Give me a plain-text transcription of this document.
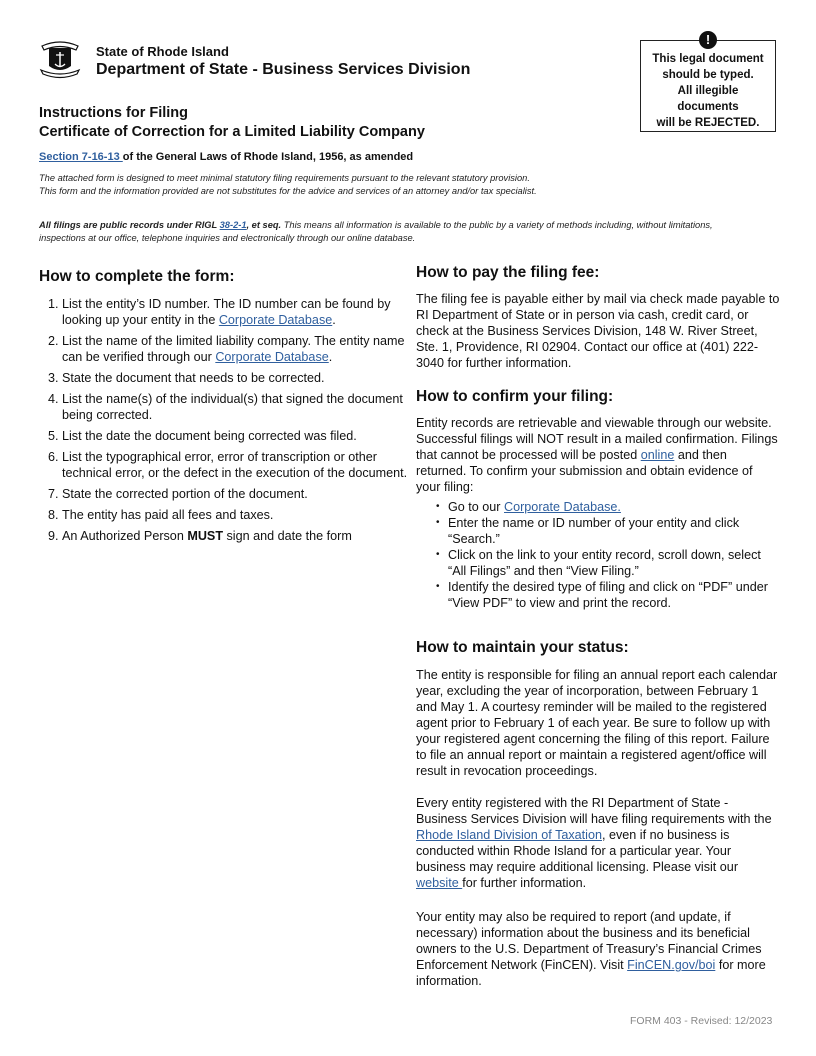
State of Rhode Island
Department of State - Business Services Division
!
This legal document
should be typed.
All illegible
documents
will be REJECTED.
Instructions for Filing
Certificate of Correction for a Limited Liability Company
Section 7-16-13 of the General Laws of Rhode Island, 1956, as amended
The attached form is designed to meet minimal statutory filing requirements pursuant to the relevant statutory provision.
This form and the information provided are not substitutes for the advice and services of an attorney and/or tax specialist.
All filings are public records under RIGL 38-2-1, et seq. This means all information is available to the public by a variety of methods including, without limitations, inspections at our office, telephone inquiries and electronically through our online database.
How to complete the form:
1. List the entity’s ID number. The ID number can be found by looking up your entity in the Corporate Database.
2. List the name of the limited liability company. The entity name can be verified through our Corporate Database.
3. State the document that needs to be corrected.
4. List the name(s) of the individual(s) that signed the document being corrected.
5. List the date the document being corrected was filed.
6. List the typographical error, error of transcription or other technical error, or the defect in the execution of the document.
7. State the corrected portion of the document.
8. The entity has paid all fees and taxes.
9. An Authorized Person MUST sign and date the form
How to pay the filing fee:
The filing fee is payable either by mail via check made payable to RI Department of State or in person via cash, credit card, or check at the Business Services Division, 148 W. River Street, Ste. 1, Providence, RI 02904. Contact our office at (401) 222-3040 for further information.
How to confirm your filing:
Entity records are retrievable and viewable through our website. Successful filings will NOT result in a mailed confirmation. Filings that cannot be processed will be posted online and then returned. To confirm your submission and obtain evidence of your filing:
• Go to our Corporate Database.
• Enter the name or ID number of your entity and click “Search.”
• Click on the link to your entity record, scroll down, select “All Filings” and then “View Filing.”
• Identify the desired type of filing and click on “PDF” under “View PDF” to view and print the record.
How to maintain your status:
The entity is responsible for filing an annual report each calendar year, excluding the year of incorporation, between February 1 and May 1. A courtesy reminder will be mailed to the registered agent prior to February 1 of each year. Be sure to follow up with your registered agent concerning the filing of this report. Failure to file an annual report or maintain a registered agent/office will result in revocation proceedings.
Every entity registered with the RI Department of State - Business Services Division will have filing requirements with the Rhode Island Division of Taxation, even if no business is conducted within Rhode Island for a particular year. Your business may require additional licensing. Please visit our website for further information.
Your entity may also be required to report (and update, if necessary) information about the business and its beneficial owners to the U.S. Department of Treasury’s Financial Crimes Enforcement Network (FinCEN). Visit FinCEN.gov/boi for more information.
FORM 403 - Revised: 12/2023
